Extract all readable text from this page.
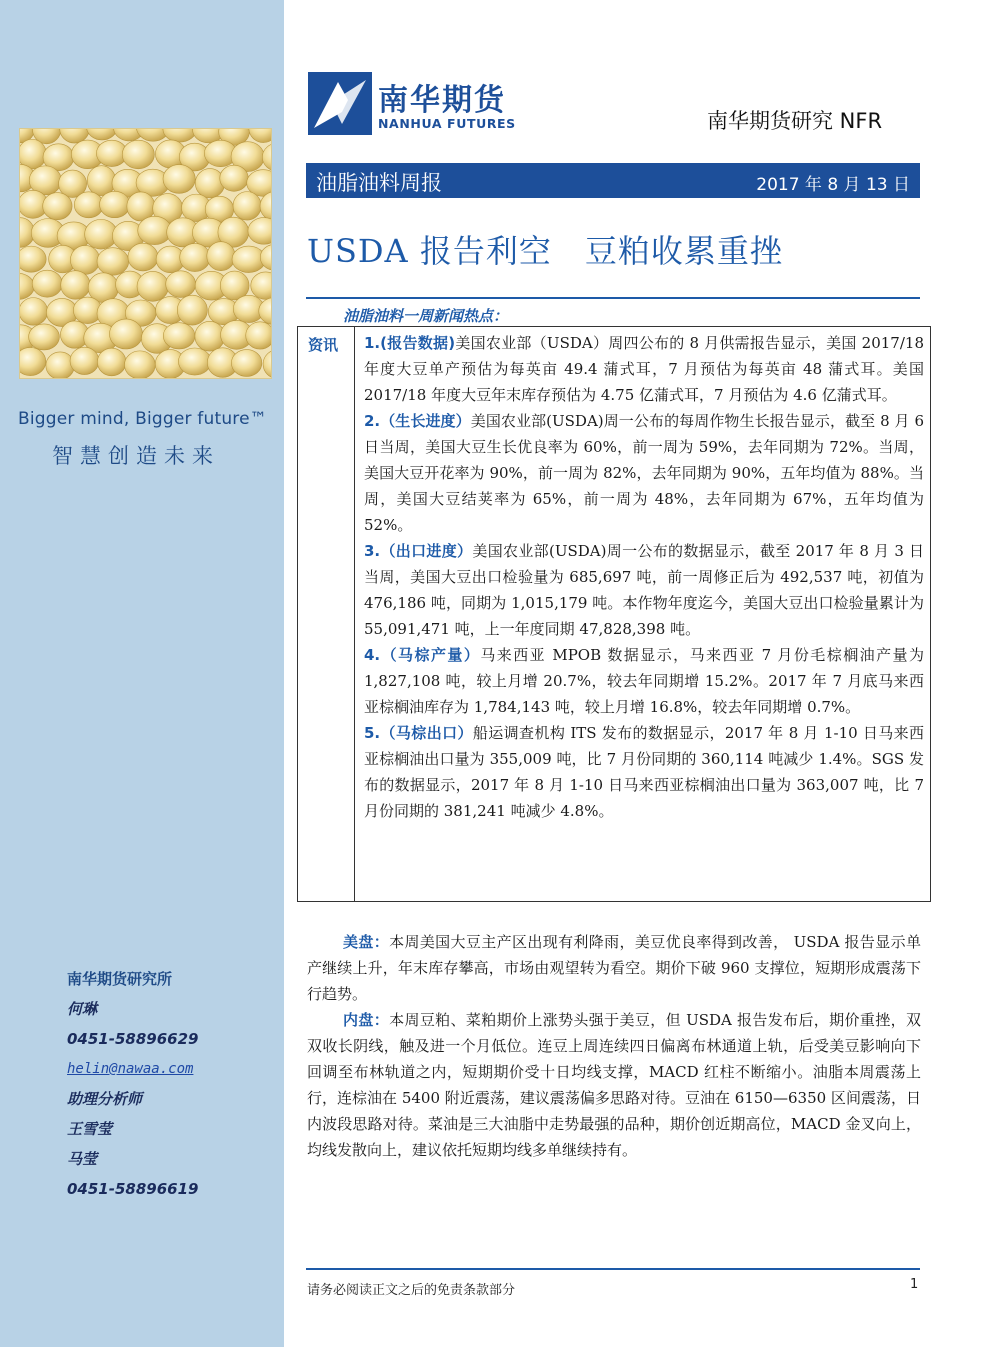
Bigger mind, Bigger future™
智慧创造未来
南华期货研究所
何琳
0451-58896629
helin@nawaa.com
助理分析师
王雪莹
马莹
0451-58896619
南华期货
NANHUA FUTURES	南华期货研究 NFR
油脂油料周报	2017 年 8 月 13 日
USDA 报告利空　豆粕收累重挫
油脂油料一周新闻热点：
资讯 1.(报告数据)美国农业部（USDA）周四公布的 8 月供需报告显示，美国 2017/18 年度大豆单产预估为每英亩 49.4 蒲式耳，7 月预估为每英亩 48 蒲式耳。美国 2017/18 年度大豆年末库存预估为 4.75 亿蒲式耳，7 月预估为 4.6 亿蒲式耳。

2.（生长进度）美国农业部(USDA)周一公布的每周作物生长报告显示，截至 8 月 6 日当周，美国大豆生长优良率为 60%，前一周为 59%，去年同期为 72%。当周，美国大豆开花率为 90%，前一周为 82%，去年同期为 90%，五年均值为 88%。当周，美国大豆结荚率为 65%，前一周为 48%，去年同期为 67%，五年均值为 52%。

3.（出口进度）美国农业部(USDA)周一公布的数据显示，截至 2017 年 8 月 3 日当周，美国大豆出口检验量为 685,697 吨，前一周修正后为 492,537 吨，初值为 476,186 吨，同期为 1,015,179 吨。本作物年度迄今，美国大豆出口检验量累计为 55,091,471 吨，上一年度同期 47,828,398 吨。

4.（马棕产量）马来西亚 MPOB 数据显示，马来西亚 7 月份毛棕榈油产量为 1,827,108 吨，较上月增 20.7%，较去年同期增 15.2%。2017 年 7 月底马来西亚棕榈油库存为 1,784,143 吨，较上月增 16.8%，较去年同期增 0.7%。

5.（马棕出口）船运调查机构 ITS 发布的数据显示，2017 年 8 月 1-10 日马来西亚棕榈油出口量为 355,009 吨，比 7 月份同期的 360,114 吨减少 1.4%。SGS 发布的数据显示，2017 年 8 月 1-10 日马来西亚棕榈油出口量为 363,007 吨，比 7 月份同期的 381,241 吨减少 4.8%。

美盘：本周美国大豆主产区出现有利降雨，美豆优良率得到改善， USDA 报告显示单产继续上升，年末库存攀高，市场由观望转为看空。期价下破 960 支撑位，短期形成震荡下行趋势。

内盘：本周豆粕、菜粕期价上涨势头强于美豆，但 USDA 报告发布后，期价重挫，双双收长阴线，触及进一个月低位。连豆上周连续四日偏离布林通道上轨，后受美豆影响向下回调至布林轨道之内，短期期价受十日均线支撑，MACD 红柱不断缩小。油脂本周震荡上行，连棕油在 5400 附近震荡，建议震荡偏多思路对待。豆油在 6150—6350 区间震荡，日内波段思路对待。菜油是三大油脂中走势最强的品种，期价创近期高位，MACD 金叉向上，均线发散向上，建议依托短期均线多单继续持有。

请务必阅读正文之后的免责条款部分	1
